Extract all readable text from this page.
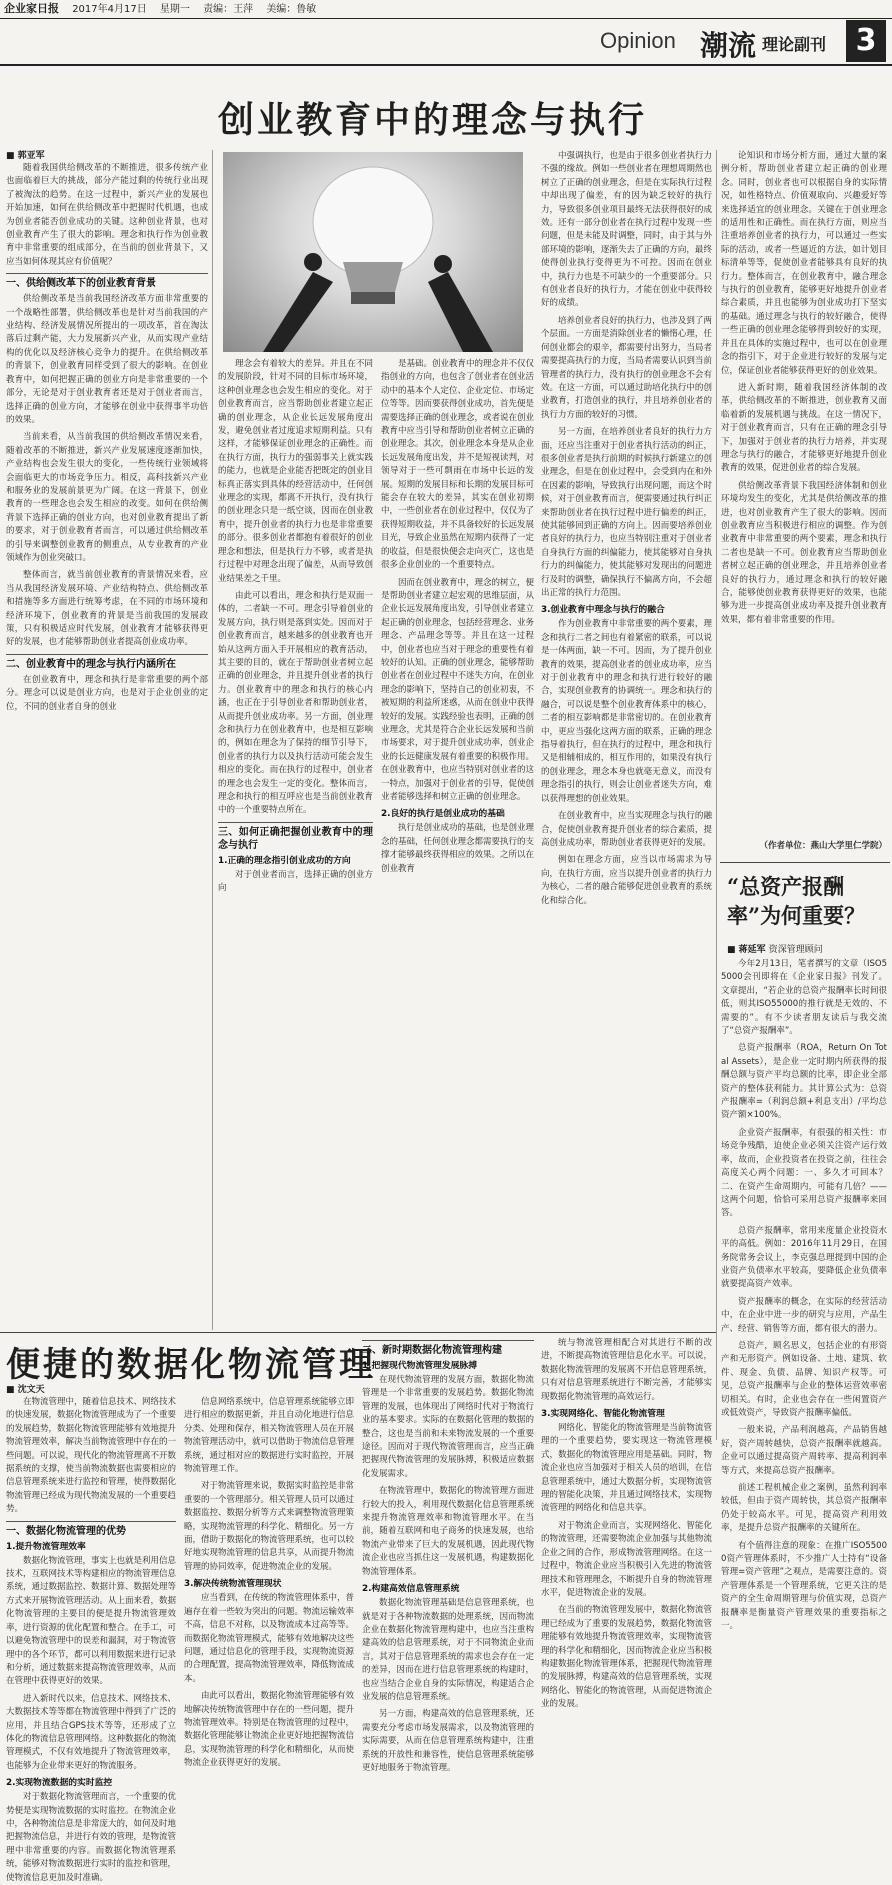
企业家日报 2017年4月17日 星期一 责编：王萍 美编：鲁敏
Opinion 潮流 理论副刊 3
创业教育中的理念与执行
■ 郭亚军

随着我国供给侧改革的不断推进，很多传统产业也面临着巨大的挑战，部分产能过剩的传统行业出现了被淘汰的趋势。在这一过程中，新兴产业的发展也开始加速，如何在供给侧改革中把握时代机遇，也成为创业者能否创业成功的关键。这种创业背景，也对创业教育产生了很大的影响。理念和执行作为创业教育中非常重要的组成部分，在当前的创业背景下，又应当如何体现其应有价值呢？

一、供给侧改革下的创业教育背景

供给侧改革是当前我国经济改革方面非常重要的一个战略性部署，供给侧改革也是针对当前我国的产业结构、经济发展情况所提出的一项改革，首在淘汰落后过剩产能，大力发展新兴产业，从而实现产业结构的优化以及经济核心竞争力的提升。在供给侧改革的背景下，创业教育同样受到了很大的影响。在创业教育中，如何把握正确的创业方向是非常重要的一个部分，无论是对于创业教育者还是对于创业者而言，选择正确的创业方向，才能够在创业中获得事半功倍的效果。

当前来看，从当前我国的供给侧改革情况来看，随着改革的不断推进，新兴产业发展速度逐渐加快，产业结构也会发生很大的变化，一些传统行业领域将会面临更大的市场竞争压力。相反，高科技新兴产业和服务业的发展前景更为广阔。在这一背景下，创业教育的一些理念也会发生相应的改变。如何在供给侧背景下选择正确的创业方向，也对创业教育提出了新的要求，对于创业教育者而言，可以通过供给侧改革的引导来调整创业教育的侧重点，从专业教育的产业领域作为创业突破口。

整体而言，就当前创业教育的背景情况来看，应当从我国经济发展环境、产业结构特点、供给侧改革和措施等多方面进行统筹考虑，在不同的市场环境和经济环境下，创业教育的背景是当前我国的发展政策，只有积极适应时代发展，创业教育才能够获得更好的发展，也才能够帮助创业者提高创业成功率。

二、创业教育中的理念与执行内涵所在

在创业教育中，理念和执行是非常重要的两个部分。理念可以说是创业方向，也是对于企业创业的定位，不同的创业者自身的创业

理念会有着较大的差异。并且在不同的发展阶段，针对不同的目标市场环境，这种创业理念也会发生相应的变化。对于创业教育而言，应当帮助创业者建立起正确的创业理念，从企业长远发展角度出发，避免创业者过度追求短期利益。只有这样，才能够保证创业理念的正确性。而在执行方面，执行力的强弱事关上就实践的能力，也就是企业能否把既定的创业目标真正落实到具体的经营活动中，任何创业理念的实现，都离不开执行，没有执行的创业理念只是一纸空谈，因而在创业教育中，提升创业者的执行力也是非常重要的部分。很多创业者都抱有着很好的创业理念和想法，但是执行力不够，或者是执行过程中对理念出现了偏差，从而导致创业结果差之千里。

由此可以看出，理念和执行是双面一体的，二者缺一不可。理念引导着创业的发展方向，执行则是落到实处。因而对于创业教育而言，越来越多的创业教育也开始从这两方面入手开展相应的教育活动，其主要的目的，就在于帮助创业者树立起正确的创业理念，并且提升创业者的执行力。创业教育中的理念和执行的核心内涵，也正在于引导创业者和帮助创业者，从而提升创业成功率。另一方面，创业理念和执行力在创业教育中，也是相互影响的，例如在理念为了保持的细节引导下，创业者的执行力以及执行活动可能会发生相应的变化。而在执行的过程中，创业者的理念也会发生一定的变化。整体而言，理念和执行的相互呼应也是当前创业教育中的一个重要特点所在。

三、如何正确把握创业教育中的理念与执行
1.正确的理念指引创业成功的方向

对于创业者而言，选择正确的创业方向

是基础。创业教育中的理念并不仅仅指创业的方向，也包含了创业者在创业活动中的基本个人定位、企业定位、市场定位等等。因而要获得创业成功，首先便是需要选择正确的创业理念，或者说在创业教育中应当引导和帮助创业者树立正确的创业理念。其次，创业理念本身是从企业长远发展角度出发，并不是短视读判，对领导对于一些可剽雨在市场中长远的发展。短期的发展目标和长期的发展目标可能会存在较大的差异，其实在创业初期中，一些创业者在创业过程中，仅仅为了获得短期收益，并不具备较好的长远发展目光，导致企业虽然在短期内获得了一定的收益，但是很快便会走向灭亡，这也是很多企业创业的一个重要特点。

因而在创业教育中，理念的树立，便是帮助创业者建立起宏观的思维层面，从企业长远发展角度出发，引导创业者建立起正确的创业理念，包括经营理念、业务理念、产品理念等等。并且在这一过程中，创业者也应当对于理念的重要性有着较好的认知。正确的创业理念，能够帮助创业者在创业过程中不迷失方向，在创业理念的影响下，坚持自己的创业初衷，不被短期的利益所迷惑，从而在创业中获得较好的发展。实践经验也表明，正确的创业理念，尤其是符合企业长远发展和当前市场要求，对于提升创业成功率，创业企业的长远健康发展有着重要的积极作用。在创业教育中，也应当特别对创业者的这一特点，加强对于创业者的引导，促使创业者能够选择和树立正确的创业理念。

2.良好的执行是创业成功的基础

执行是创业成功的基础，也是创业理念的基础，任何创业理念都需要执行的支撑才能够最终获得相应的效果。之所以在创业教育

中强调执行，也是由于很多创业者执行力不强的缘故。例如一些创业者在理想周期然也树立了正确的创业理念，但是在实际执行过程中却出现了偏差，有的因为缺乏较好的执行力，导致很多创业项目最终无法获得很好的成效。还有一部分创业者在执行过程中发现一些问题，但是未能及时调整，同时，由于其与外部环境的影响，逐渐失去了正确的方向，最终使得创业执行变得更为不可控。因而在创业中，执行力也是不可缺少的一个重要部分。只有创业者良好的执行力，才能在创业中获得较好的成绩。

培养创业者良好的执行力，也涉及到了两个层面。一方面是消除创业者的懒惰心理，任何创业都会的艰辛，都需要付出努力，当局者需要提高执行的力度，当局者需要认识到当前管理者的执行力，没有执行的创业理念不会有效。在这一方面，可以通过助培化执行中的创业教育，打造创业的执行，并且培养创业者的执行力方面的较好的习惯。

另一方面，在培养创业者良好的执行力方面，还应当注重对于创业者执行活动的纠正，很多创业者是执行前期的时候执行新建立的创业理念，但是在创业过程中，会受到内在和外在因素的影响，导致执行出现问题，而这个时候，对于创业教育而言，便需要通过执行纠正来帮助创业者在执行过程中进行偏差的纠正，使其能够回到正确的方向上。因而要培养创业者良好的执行力，也应当特别注重对于创业者自身执行方面的纠偏能力，使其能够对自身执行力的纠偏能力，使其能够对发现出的问题进行及时的调整，确保执行不偏离方向，不会超出正常的执行力范围。

3.创业教育中理念与执行的融合

作为创业教育中非常重要的两个要素，理念和执行二者之间也有着紧密的联系，可以说是一体两面，缺一不可。因而，为了提升创业教育的效果，提高创业者的创业成功率，应当对于创业教育中的理念和执行进行较好的融合，实现创业教育的协调统一。理念和执行的融合，可以说是整个创业教育体系中的核心，二者的相互影响都是非常密切的。在创业教育中，更应当强化这两方面的联系，正确的理念指导着执行，但在执行的过程中，理念和执行又是相辅相成的，相互作用的，如果没有执行的创业理念，理念本身也就毫无意义，而没有理念指引的执行，则会让创业者迷失方向，难以获得理想的创业效果。

在创业教育中，应当实现理念与执行的融合，促使创业教育提升创业者的综合素质，提高创业成功率，帮助创业者获得更好的发展。

例如在理念方面，应当以市场需求为导向，在执行方面，应当以提升创业者的执行力为核心，二者的融合能够促进创业教育的系统化和综合化。

论知识和市场分析方面，通过大量的案例分析，帮助创业者建立起正确的创业理念。同时，创业者也可以根据自身的实际情况，如性格特点、价值观取向、兴趣爱好等来选择适宜的创业理念。关键在于创业理念的适用性和正确性。而在执行方面，则应当注重培养创业者的执行力，可以通过一些实际的活动，或者一些逼近的方法，如计划目标清单等等，促使创业者能够具有良好的执行力。整体而言，在创业教育中，融合理念与执行的创业教育，能够更好地提升创业者综合素质，并且也能够为创业成功打下坚实的基础。通过理念与执行的较好融合，使得一些正确的创业理念能够得到较好的实现，并且在具体的实施过程中，也可以在创业理念的指引下，对于企业进行较好的发展与定位，保证创业者能够获得更好的创业效果。

进入新时期，随着我国经济体制的改革，供给侧改革的不断推进，创业教育又面临着新的发展机遇与挑战。在这一情况下，对于创业教育而言，只有在正确的理念引导下，加强对于创业者的执行力培养，并实现理念与执行的融合，才能够更好地提升创业教育的效果，促进创业者的综合发展。

供给侧改革背景下我国经济体制和创业环境均发生的变化，尤其是供给侧改革的推进，也对创业教育产生了很大的影响。因而创业教育应当积极进行相应的调整。作为创业教育中非常重要的两个要素，理念和执行二者也是缺一不可。创业教育应当帮助创业者树立起正确的创业理念，并且培养创业者良好的执行力，通过理念和执行的较好融合，能够使创业教育获得更好的效果，也能够为进一步提高创业成功率及提升创业教育效果，都有着非常重要的作用。

（作者单位：燕山大学里仁学院）
“总资产报酬率”为何重要？
■ 蒋延军 资深管理顾问

今年2月13日，笔者撰写的文章（ISO55000会刊即将在《企业家日报》刊发了。文章提出，“若企业的总资产报酬率长时间很低，则其ISO55000的推行就是无效的、不需要的”。有不少读者朋友读后与我交流了“总资产报酬率”。

总资产报酬率（ROA，Return On Total Assets），是企业一定时期内所获得的报酬总额与资产平均总额的比率，即企业全部资产的整体获利能力。其计算公式为：总资产报酬率=（利润总额+利息支出）/平均总资产额×100%。

企业资产报酬率，有很强的相关性：市场竞争残酷，迫使企业必须关注资产运行效率，故而，企业投资者在投资之前，往往会高度关心两个问题：一、多久才可回本？二、在资产生命周期内，可能有几倍？——这两个问题，恰恰可采用总资产报酬率来回答。

总资产报酬率，常用来度量企业投资水平的高低。例如：2016年11月29日，在国务院常务会议上，李克强总理提到中国的企业资产负债率水平较高，要降低企业负债率就要提高资产效率。

资产报酬率的概念，在实际的经营活动中，在企业中进一步的研究与应用，产品生产、经营、销售等方面，都有很大的潜力。

总资产，顾名思义，包括企业的有形资产和无形资产。例如设备、土地、建筑、软件、现金、负债、品牌、知识产权等。可见，总资产报酬率与企业的整体运营效率密切相关。有时，企业也会存在一些闲置资产或低效资产，导致资产报酬率偏低。

一般来说，产品利润越高，产品销售越好，资产周转越快，总资产报酬率就越高。企业可以通过提高资产周转率、提高利润率等方式，来提高总资产报酬率。

前述工程机械企业之案例，虽然利润率较低，但由于资产周转快，其总资产报酬率仍处于较高水平。可见，提高资产利用效率，是提升总资产报酬率的关键所在。

有个值得注意的现象：在推广ISO55000资产管理体系时，不少推广人士持有“设备管理=资产管理”之观点，是需要注意的。资产管理体系是一个管理系统，它更关注的是资产的全生命周期管理与价值实现，总资产报酬率是衡量资产管理效果的重要指标之一。

便捷的数据化物流管理
■ 沈文天

在物流管理中，随着信息技术、网络技术的快速发展，数据化物流管理成为了一个重要的发展趋势，数据化物流管理能够有效地提升物流管理效率，解决当前物流管理中存在的一些问题。可以说，现代化的物流管理离不开数据系统的支撑，使当前物流数据也需要相应的信息管理系统来进行监控和管理，使得数据化物流管理已经成为现代物流发展的一个重要趋势。

一、数据化物流管理的优势
1.提升物流管理效率

数据化物流管理，事实上也就是利用信息技术，互联网技术等构建相应的物流管理信息系统，通过数据监控、数据计算、数据处理等方式来开展物流管理活动。从上面来看，数据化物流管理的主要目的便是提升物流管理效率，进行资源的优化配置和整合。在手工，可以避免物流管理中的误差和漏洞，对于物流管理中的各个环节，都可以利用数据来进行记录和分析，通过数据来提高物流管理效率，从而在管理中获得更好的效果。

进入新时代以来，信息技术、网络技术、大数据技术等等都在物流管理中得到了广泛的应用，并且结合GPS技术等等，还形成了立体化的物流信息管理网络。这种数据化的物流管理模式，不仅有效地提升了物流管理效率，也能够为企业带来更好的物流服务。

2.实现物流数据的实时监控

对于数据化物流管理而言，一个重要的优势便是实现物流数据的实时监控。在物流企业中，各种物流信息是非常庞大的，如何及时地把握物流信息，并进行有效的管理，是物流管理中非常重要的内容。而数据化物流管理系统，能够对物流数据进行实时的监控和管理，使物流信息更加及时准确。

信息网络系统中，信息管理系统能够立即进行相应的数据更新，并且自动化地进行信息分类、处理和保存，相关物流管理人员在开展物流管理活动中，就可以借助于物流信息管理系统，通过相对应的数据进行实时监控，开展物流管理工作。

对于物流管理来说，数据实时监控是非常重要的一个管理部分。相关管理人员可以通过数据监控、数据分析等方式来调整物流管理策略，实现物流管理的科学化、精细化。另一方面，借助于数据化的物流管理系统，也可以较好地实现物流管理的信息共享，从而提升物流管理的协同效率，促进物流企业的发展。

3.解决传统物流管理现状

应当看到，在传统的物流管理体系中，普遍存在着一些较为突出的问题。物流运输效率不高，信息不对称，以及物流成本过高等等。而数据化物流管理模式，能够有效地解决这些问题，通过信息化的管理手段，实现物流资源的合理配置，提高物流管理效率，降低物流成本。

由此可以看出，数据化物流管理能够有效地解决传统物流管理中存在的一些问题，提升物流管理效率。特别是在物流管理的过程中，数据化管理能够让物流企业更好地把握物流信息，实现物流管理的科学化和精细化，从而使物流企业获得更好的发展。

二、新时期数据化物流管理构建
1.把握现代物流管理发展脉搏

在现代物流管理的发展方面，数据化物流管理是一个非常重要的发展趋势。数据化物流管理的发展，也体现出了网络时代对于物流行业的基本要求。实际的在数据化管理的数据的整合，这也是当前和未来物流发展的一个重要途径。因而对于现代物流管理而言，应当正确把握现代物流管理的发展脉搏，积极适应数据化发展需求。

在物流管理中，数据化的物流管理方面进行较大的投入，利用现代数据化信息管理系统来提升物流管理效率和物流管理水平。在当前，随着互联网和电子商务的快速发展，也给物流产业带来了巨大的发展机遇，因此现代物流企业也应当抓住这一发展机遇，构建数据化物流管理体系。

2.构建高效信息管理系统

数据化物流管理基础是信息管理系统，也就是对于各种物流数据的处理系统，因而物流企业在数据化物流管理构建中，也应当注重构建高效的信息管理系统，对于不同物流企业而言，其对于信息管理系统的需求也会存在一定的差异，因而在进行信息管理系统的构建时，也应当结合企业自身的实际情况，构建适合企业发展的信息管理系统。

另一方面，构建高效的信息管理系统，还需要充分考虑市场发展需求，以及物流管理的实际需要，从而在信息管理系统构建中，注重系统的开放性和兼容性，使信息管理系统能够更好地服务于物流管理。

统与物流管理相配合对其进行不断的改进，不断提高物流管理信息化水平。可以说，数据化物流管理的发展离不开信息管理系统，只有对信息管理系统进行不断完善，才能够实现数据化物流管理的高效运行。

3.实现网络化、智能化物流管理

网络化、智能化的物流管理是当前物流管理的一个重要趋势，要实现这一物流管理模式，数据化的物流管理应用是基础。同时，物流企业也应当加强对于相关人员的培训，在信息管理系统中，通过大数据分析，实现物流管理的智能化决策，并且通过网络技术，实现物流管理的网络化和信息共享。

对于物流企业而言，实现网络化、智能化的物流管理，还需要物流企业加强与其他物流企业之间的合作，形成物流管理网络。在这一过程中，物流企业应当积极引入先进的物流管理技术和管理理念，不断提升自身的物流管理水平，促进物流企业的发展。

在当前的物流管理发展中，数据化物流管理已经成为了重要的发展趋势，数据化物流管理能够有效地提升物流管理效率，实现物流管理的科学化和精细化，因而物流企业应当积极构建数据化物流管理体系，把握现代物流管理的发展脉搏，构建高效的信息管理系统，实现网络化、智能化的物流管理，从而促进物流企业的发展。
